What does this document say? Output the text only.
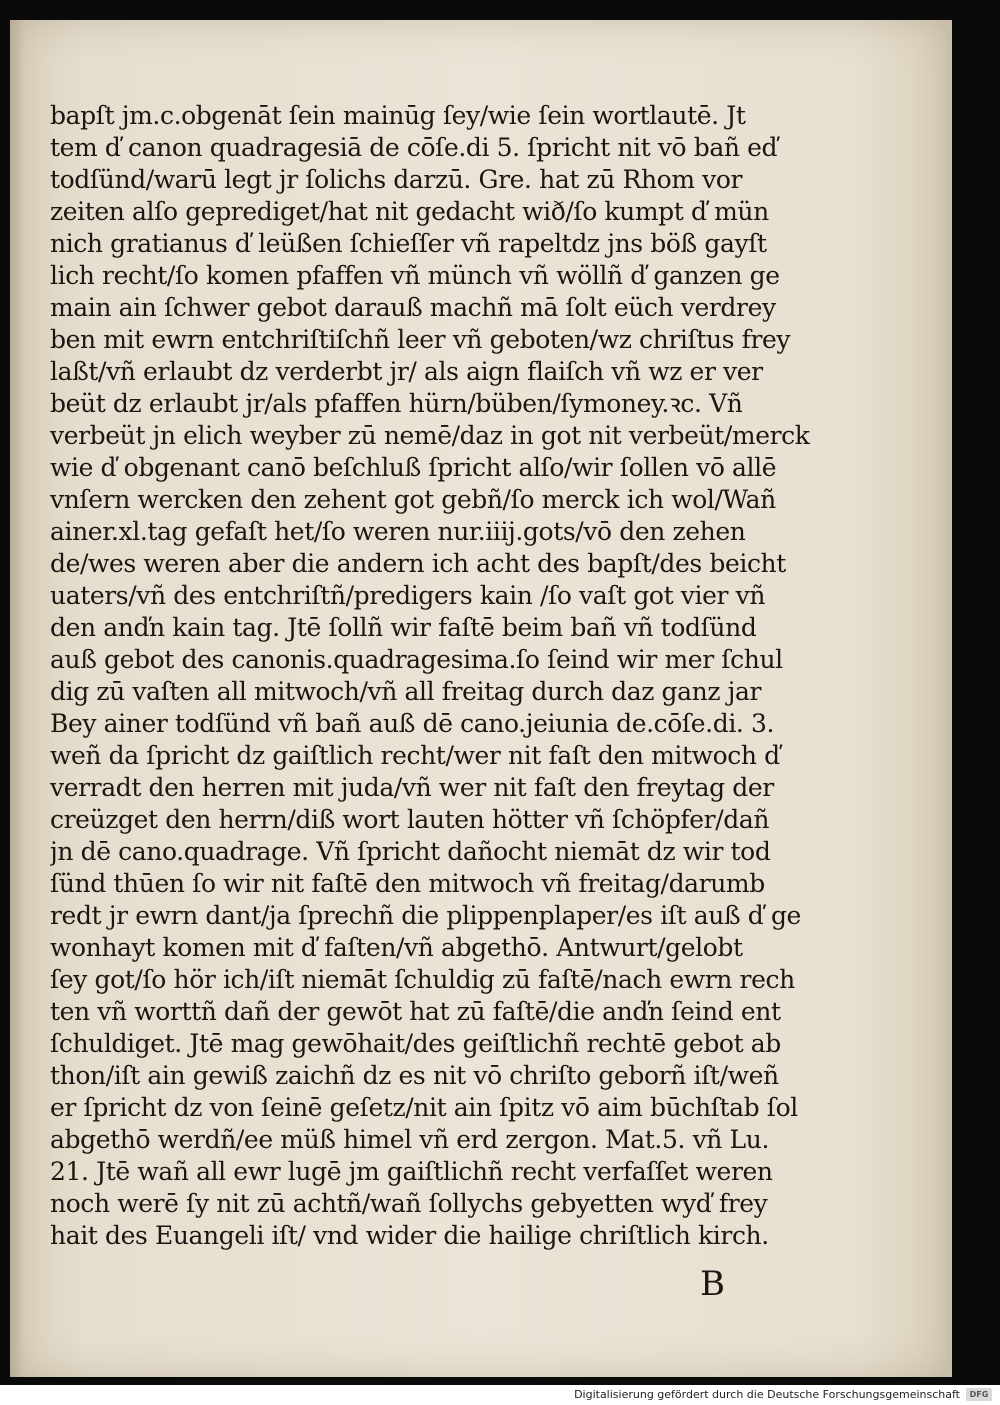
bapſt jm.c.obgenāt ſein mainūg ſey/wie ſein wortlautē. Jt
tem ď canon quadragesiā de cōſe.di 5. ſpricht nit vō bañ eď
todſünd/warū legt jr ſolichs darzū. Gre. hat zū Rhom vor
zeiten alſo geprediget/hat nit gedacht wið/ſo kumpt ď mün
nich gratianus ď leüßen ſchieſſer vñ rapeltdz jns böß gayſt
lich recht/ſo komen pfaffen vñ münch vñ wöllñ ď ganzen ge
main ain ſchwer gebot darauß machñ mā ſolt eüch verdrey
ben mit ewrn entchriſtiſchñ leer vñ geboten/wz chriſtus frey
laßt/vñ erlaubt dz verderbt jr/ als aign flaiſch vñ wz er ver
beüt dz erlaubt jr/als pfaffen hürn/büben/ſymoney.ꝛc. Vñ
verbeüt jn elich weyber zū nemē/daz in got nit verbeüt/merck
wie ď obgenant canō beſchluß ſpricht alſo/wir ſollen vō allē
vnſern wercken den zehent got gebñ/ſo merck ich wol/Wañ
ainer.xl.tag gefaſt het/ſo weren nur.iiij.gots/vō den zehen
de/wes weren aber die andern ich acht des bapſt/des beicht
uaters/vñ des entchriſtñ/predigers kain /ſo vaſt got vier vñ
den anďn kain tag. Jtē ſollñ wir faſtē beim bañ vñ todſünd
auß gebot des canonis.quadragesima.ſo ſeind wir mer ſchul
dig zū vaſten all mitwoch/vñ all freitag durch daz ganz jar
Bey ainer todſünd vñ bañ auß dē cano.jeiunia de.cōſe.di. 3.
weñ da ſpricht dz gaiſtlich recht/wer nit faſt den mitwoch ď
verradt den herren mit juda/vñ wer nit faſt den freytag der
creüzget den herrn/diß wort lauten hötter vñ ſchöpfer/dañ
jn dē cano.quadrage. Vñ ſpricht dañocht niemāt dz wir tod
ſünd thūen ſo wir nit faſtē den mitwoch vñ freitag/darumb
redt jr ewrn dant/ja ſprechñ die plippenplaper/es iſt auß ď ge
wonhayt komen mit ď faſten/vñ abgethō. Antwurt/gelobt
ſey got/ſo hör ich/iſt niemāt ſchuldig zū faſtē/nach ewrn rech
ten vñ worttñ dañ der gewōt hat zū faſtē/die anďn ſeind ent
ſchuldiget. Jtē mag gewōhait/des geiſtlichñ rechtē gebot ab
thon/iſt ain gewiß zaichñ dz es nit vō chriſto geborñ iſt/weñ
er ſpricht dz von ſeinē geſetz/nit ain ſpitz vō aim būchſtab ſol
abgethō werdñ/ee müß himel vñ erd zergon. Mat.5. vñ Lu.
21. Jtē wañ all ewr lugē jm gaiſtlichñ recht verfaſſet weren
noch werē ſy nit zū achtñ/wañ ſollychs gebyetten wyď frey
hait des Euangeli iſt/ vnd wider die hailige chriſtlich kirch.
B
Digitalisierung gefördert durch die Deutsche Forschungsgemeinschaft	DFG
